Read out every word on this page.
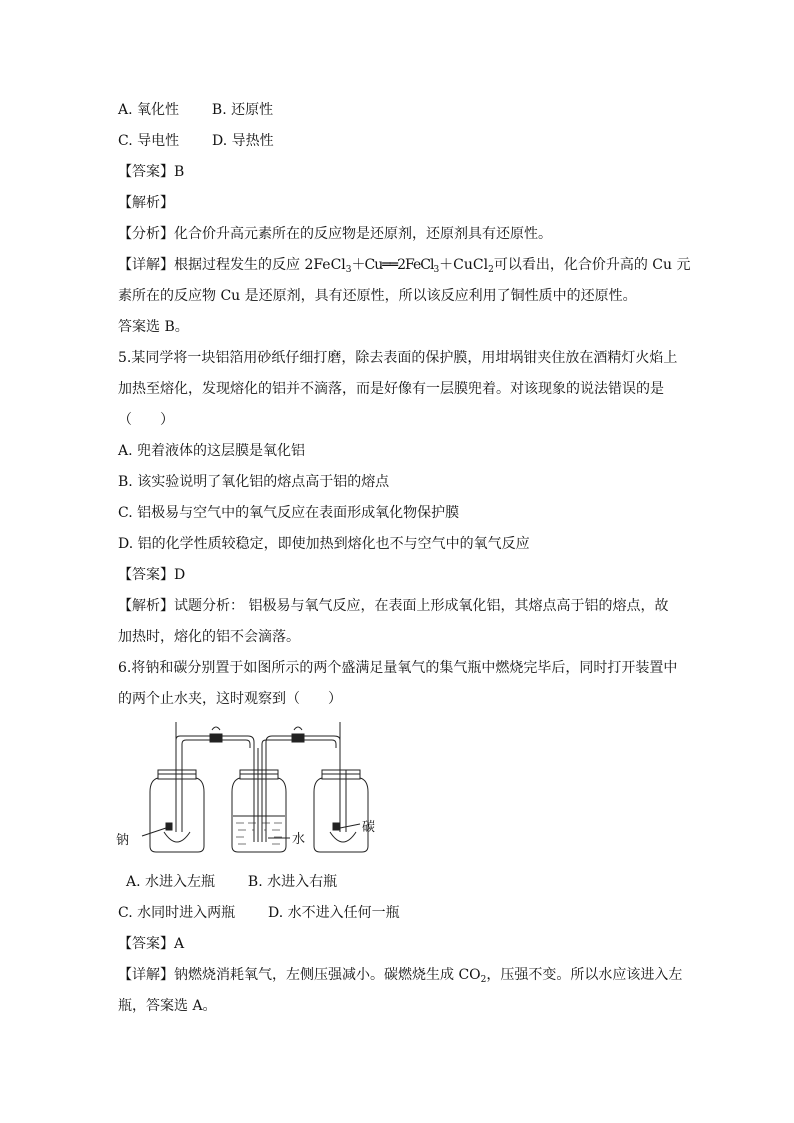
A. 氧化性 B. 还原性
C. 导电性 D. 导热性
【答案】B
【解析】
【分析】化合价升高元素所在的反应物是还原剂，还原剂具有还原性。
【详解】根据过程发生的反应 2FeCl$_3$＋Cu══2FeCl$_3$＋CuCl$_2$可以看出，化合价升高的 Cu 元
素所在的反应物 Cu 是还原剂，具有还原性，所以该反应利用了铜性质中的还原性。
答案选 B。
5.某同学将一块铝箔用砂纸仔细打磨，除去表面的保护膜，用坩埚钳夹住放在酒精灯火焰上
加热至熔化，发现熔化的铝并不滴落，而是好像有一层膜兜着。对该现象的说法错误的是
（　　）
A. 兜着液体的这层膜是氧化铝
B. 该实验说明了氧化铝的熔点高于铝的熔点
C. 铝极易与空气中的氧气反应在表面形成氧化物保护膜
D. 铝的化学性质较稳定，即使加热到熔化也不与空气中的氧气反应
【答案】D
【解析】试题分析： 铝极易与氧气反应，在表面上形成氧化铝，其熔点高于铝的熔点，故
加热时，熔化的铝不会滴落。
6.将钠和碳分别置于如图所示的两个盛满足量氧气的集气瓶中燃烧完毕后，同时打开装置中
的两个止水夹，这时观察到（　　）
钠	水
碳
A. 水进入左瓶 B. 水进入右瓶
C. 水同时进入两瓶 D. 水不进入任何一瓶
【答案】A
【详解】钠燃烧消耗氧气，左侧压强减小。碳燃烧生成 $CO_2$，压强不变。所以水应该进入左
瓶，答案选 A。
